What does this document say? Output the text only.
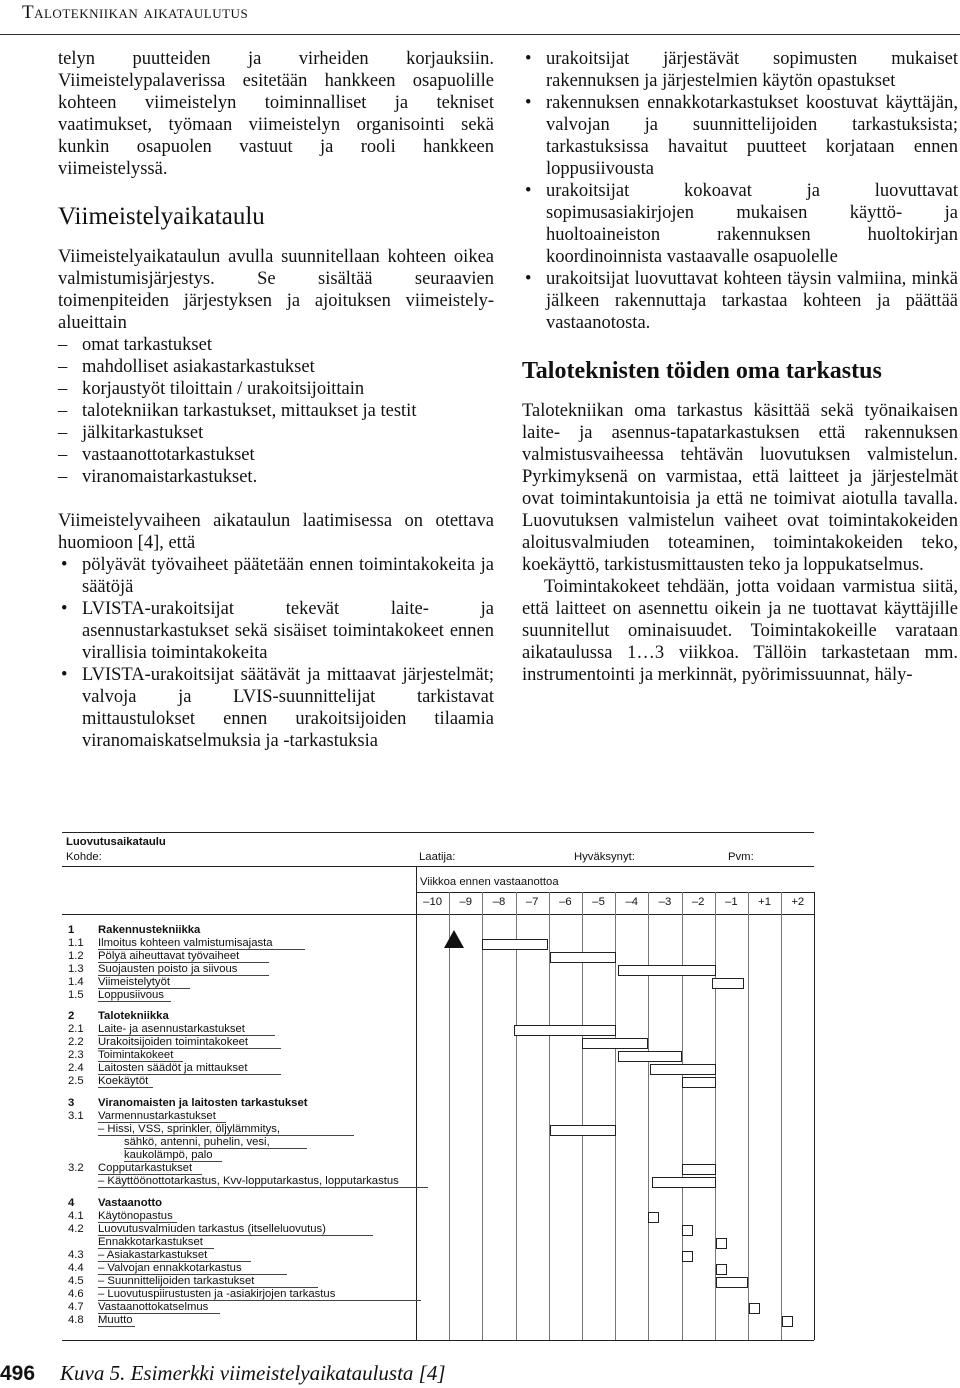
Talotekniikan aikataulutus

telyn puutteiden ja virheiden korjauksiin. Viimeistelypalaverissa esitetään hankkeen osapuolille kohteen viimeistelyn toiminnalliset ja tekniset vaatimukset, työmaan viimeistelyn organisointi sekä kunkin osapuolen vastuut ja rooli hankkeen viimeistelyssä.

Viimeistelyaikataulu

Viimeistelyaikataulun avulla suunnitellaan kohteen oikea valmistumisjärjestys. Se sisältää seuraavien toimenpiteiden järjestyksen ja ajoituksen viimeistely-alueittain

– omat tarkastukset
– mahdolliset asiakastarkastukset
– korjaustyöt tiloittain / urakoitsijoittain
– talotekniikan tarkastukset, mittaukset ja testit
– jälkitarkastukset
– vastaanottotarkastukset
– viranomaistarkastukset.

Viimeistelyvaiheen aikataulun laatimisessa on otettava huomioon [4], että

• pölyävät työvaiheet päätetään ennen toimintakokeita ja säätöjä
• LVISTA-urakoitsijat tekevät laite- ja asennustarkastukset sekä sisäiset toimintakokeet ennen virallisia toimintakokeita
• LVISTA-urakoitsijat säätävät ja mittaavat järjestelmät; valvoja ja LVIS-suunnittelijat tarkistavat mittaustulokset ennen urakoitsijoiden tilaamia viranomaiskatselmuksia ja -tarkastuksia
• urakoitsijat järjestävät sopimusten mukaiset rakennuksen ja järjestelmien käytön opastukset
• rakennuksen ennakkotarkastukset koostuvat käyttäjän, valvojan ja suunnittelijoiden tarkastuksista; tarkastuksissa havaitut puutteet korjataan ennen loppusiivousta
• urakoitsijat kokoavat ja luovuttavat sopimusasiakirjojen mukaisen käyttö- ja huoltoaineiston rakennuksen huoltokirjan koordinoinnista vastaavalle osapuolelle
• urakoitsijat luovuttavat kohteen täysin valmiina, minkä jälkeen rakennuttaja tarkastaa kohteen ja päättää vastaanotosta.
Taloteknisten töiden oma tarkastus

Talotekniikan oma tarkastus käsittää sekä työnaikaisen laite- ja asennus-tapatarkastuksen että rakennuksen valmistusvaiheessa tehtävän luovutuksen valmistelun. Pyrkimyksenä on varmistaa, että laitteet ja järjestelmät ovat toimintakuntoisia ja että ne toimivat aiotulla tavalla. Luovutuksen valmistelun vaiheet ovat toimintakokeiden aloitusvalmiuden toteaminen, toimintakokeiden teko, koekäyttö, tarkistusmittausten teko ja loppukatselmus.

Toimintakokeet tehdään, jotta voidaan varmistua siitä, että laitteet on asennettu oikein ja ne tuottavat käyttäjille suunnitellut ominaisuudet. Toimintakokeille varataan aikataulussa 1…3 viikkoa. Tällöin tarkastetaan mm. instrumentointi ja merkinnät, pyörimissuunnat, häly-

Luovutusaikataulu
Kohde:	Laatija:	Hyväksynyt:	Pvm:
Viikkoa ennen vastaanottoa
–10	–9	–8	–7	–6	–5	–4	–3	–2	–1	+1	+2
1 Rakennustekniikka
1.1 Ilmoitus kohteen valmistumisajasta
1.2 Pölyä aiheuttavat työvaiheet
1.3 Suojausten poisto ja siivous
1.4 Viimeistelytyöt
1.5 Loppusiivous
2 Talotekniikka
2.1 Laite- ja asennustarkastukset
2.2 Urakoitsijoiden toimintakokeet
2.3 Toimintakokeet
2.4 Laitosten säädöt ja mittaukset
2.5 Koekäytöt
3 Viranomaisten ja laitosten tarkastukset
3.1 Varmennustarkastukset
– Hissi, VSS, sprinkler, öljylämmitys,
sähkö, antenni, puhelin, vesi,
kaukolämpö, palo
3.2 Copputarkastukset
– Käyttöönottotarkastus, Kvv-lopputarkastus, lopputarkastus
4 Vastaanotto
4.1 Käytönopastus
4.2 Luovutusvalmiuden tarkastus (itselleluovutus)
Ennakkotarkastukset
4.3 – Asiakastarkastukset
4.4 – Valvojan ennakkotarkastus
4.5 – Suunnittelijoiden tarkastukset
4.6 – Luovutuspiirustusten ja -asiakirjojen tarkastus
4.7 Vastaanottokatselmus
4.8 Muutto
496 Kuva 5. Esimerkki viimeistelyaikataulusta [4]
